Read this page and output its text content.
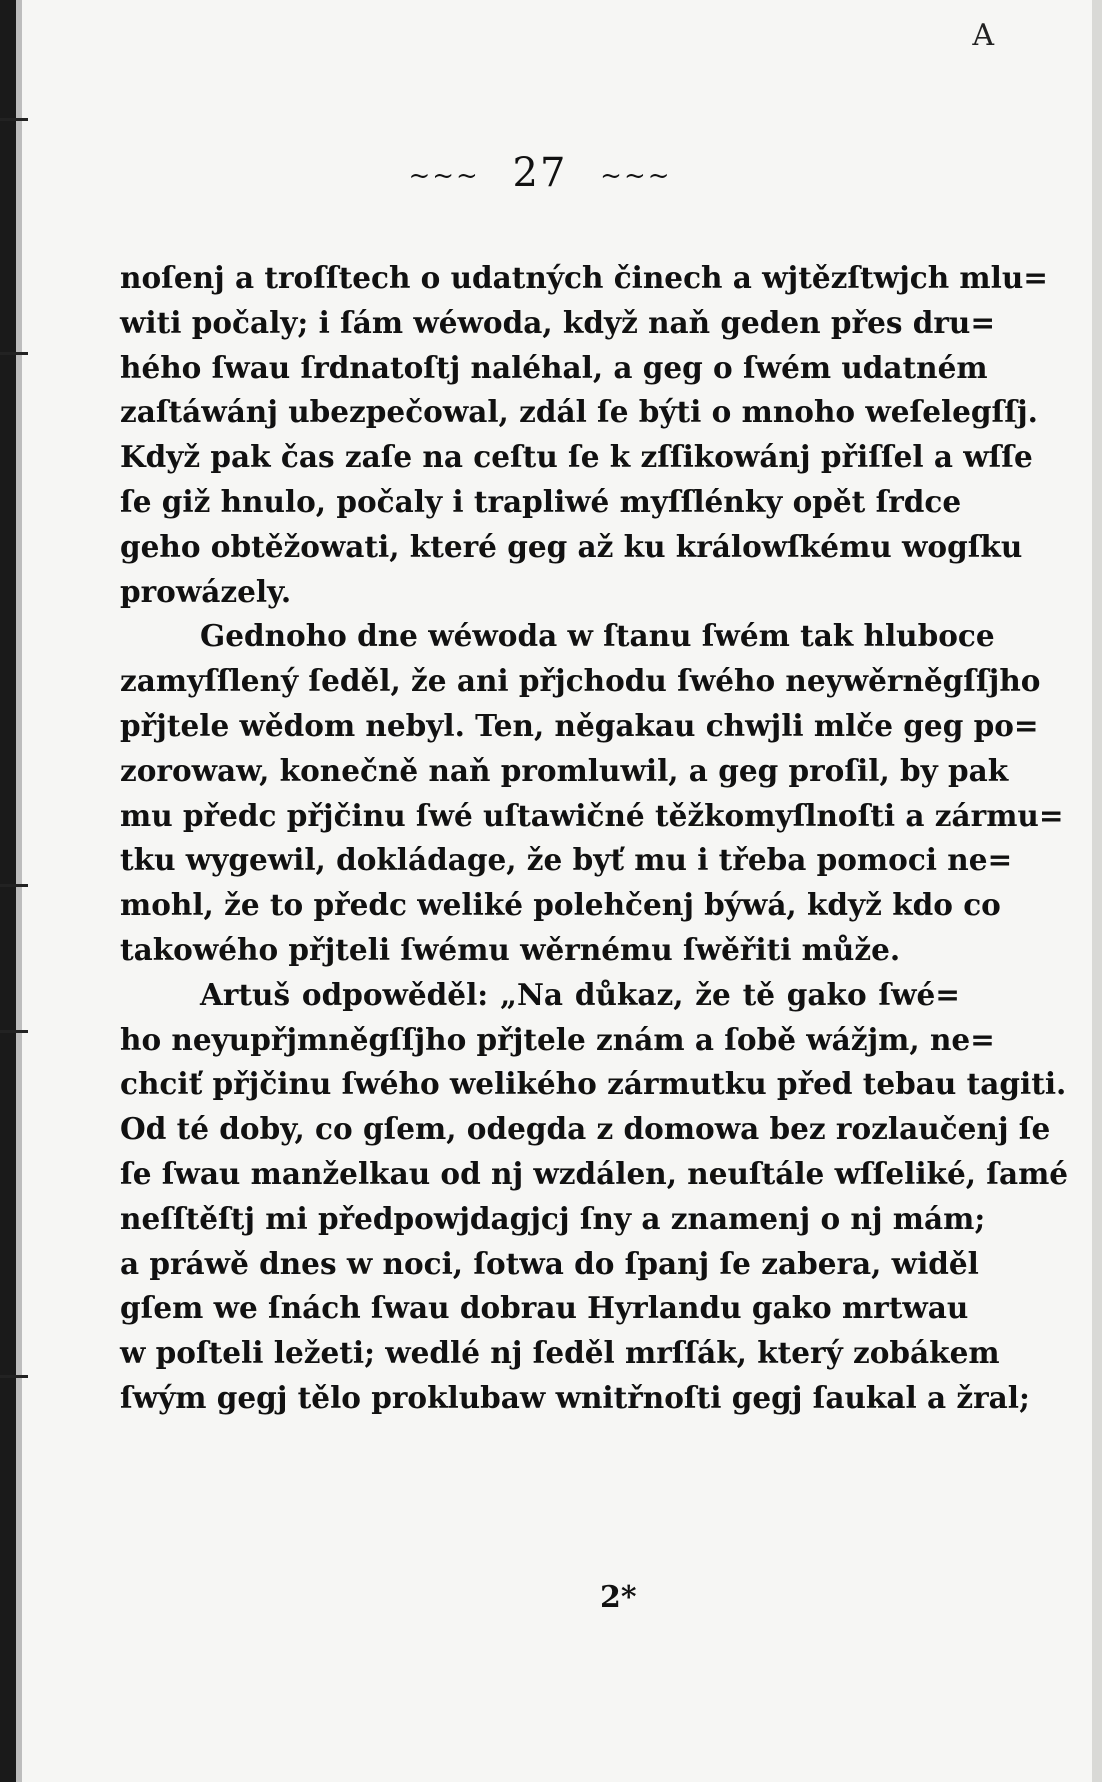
A
~~~ 27 ~~~
noſenj a troſſtech o udatných činech a wjtězſtwjch mlu=
witi počaly; i ſám wéwoda, když naň geden přes dru=
hého ſwau ſrdnatoſtj naléhal, a geg o ſwém udatném
zaſtáwánj ubezpečowal, zdál ſe býti o mnoho weſelegſſj.
Když pak čas zaſe na ceſtu ſe k zſſikowánj přiſſel a wſſe
ſe giž hnulo, počaly i trapliwé myſſlénky opět ſrdce
geho obtěžowati, které geg až ku králowſkému wogſku
prowázely.
Gednoho dne wéwoda w ſtanu ſwém tak hluboce
zamyſſlený ſeděl, že ani přjchodu ſwého neywěrněgſſjho
přjtele wědom nebyl. Ten, něgakau chwjli mlče geg po=
zorowaw, konečně naň promluwil, a geg proſil, by pak
mu předc přjčinu ſwé uſtawičné těžkomyſlnoſti a zármu=
tku wygewil, dokládage, že byť mu i třeba pomoci ne=
mohl, že to předc weliké polehčenj býwá, když kdo co
takowého přjteli ſwému wěrnému ſwěřiti může.
Artuš odpowěděl: „Na důkaz, že tě gako ſwé=
ho neyupřjmněgſſjho přjtele znám a ſobě wážjm, ne=
chciť přjčinu ſwého welikého zármutku před tebau tagiti.
Od té doby, co gſem, odegda z domowa bez rozlaučenj ſe
ſe ſwau manželkau od nj wzdálen, neuſtále wſſeliké, ſamé
neſſtěſtj mi předpowjdagjcj ſny a znamenj o nj mám;
a práwě dnes w noci, ſotwa do ſpanj ſe zabera, widěl
gſem we ſnách ſwau dobrau Hyrlandu gako mrtwau
w poſteli ležeti; wedlé nj ſeděl mrſſák, který zobákem
ſwým gegj tělo proklubaw wnitřnoſti gegj ſaukal a žral;
2*
